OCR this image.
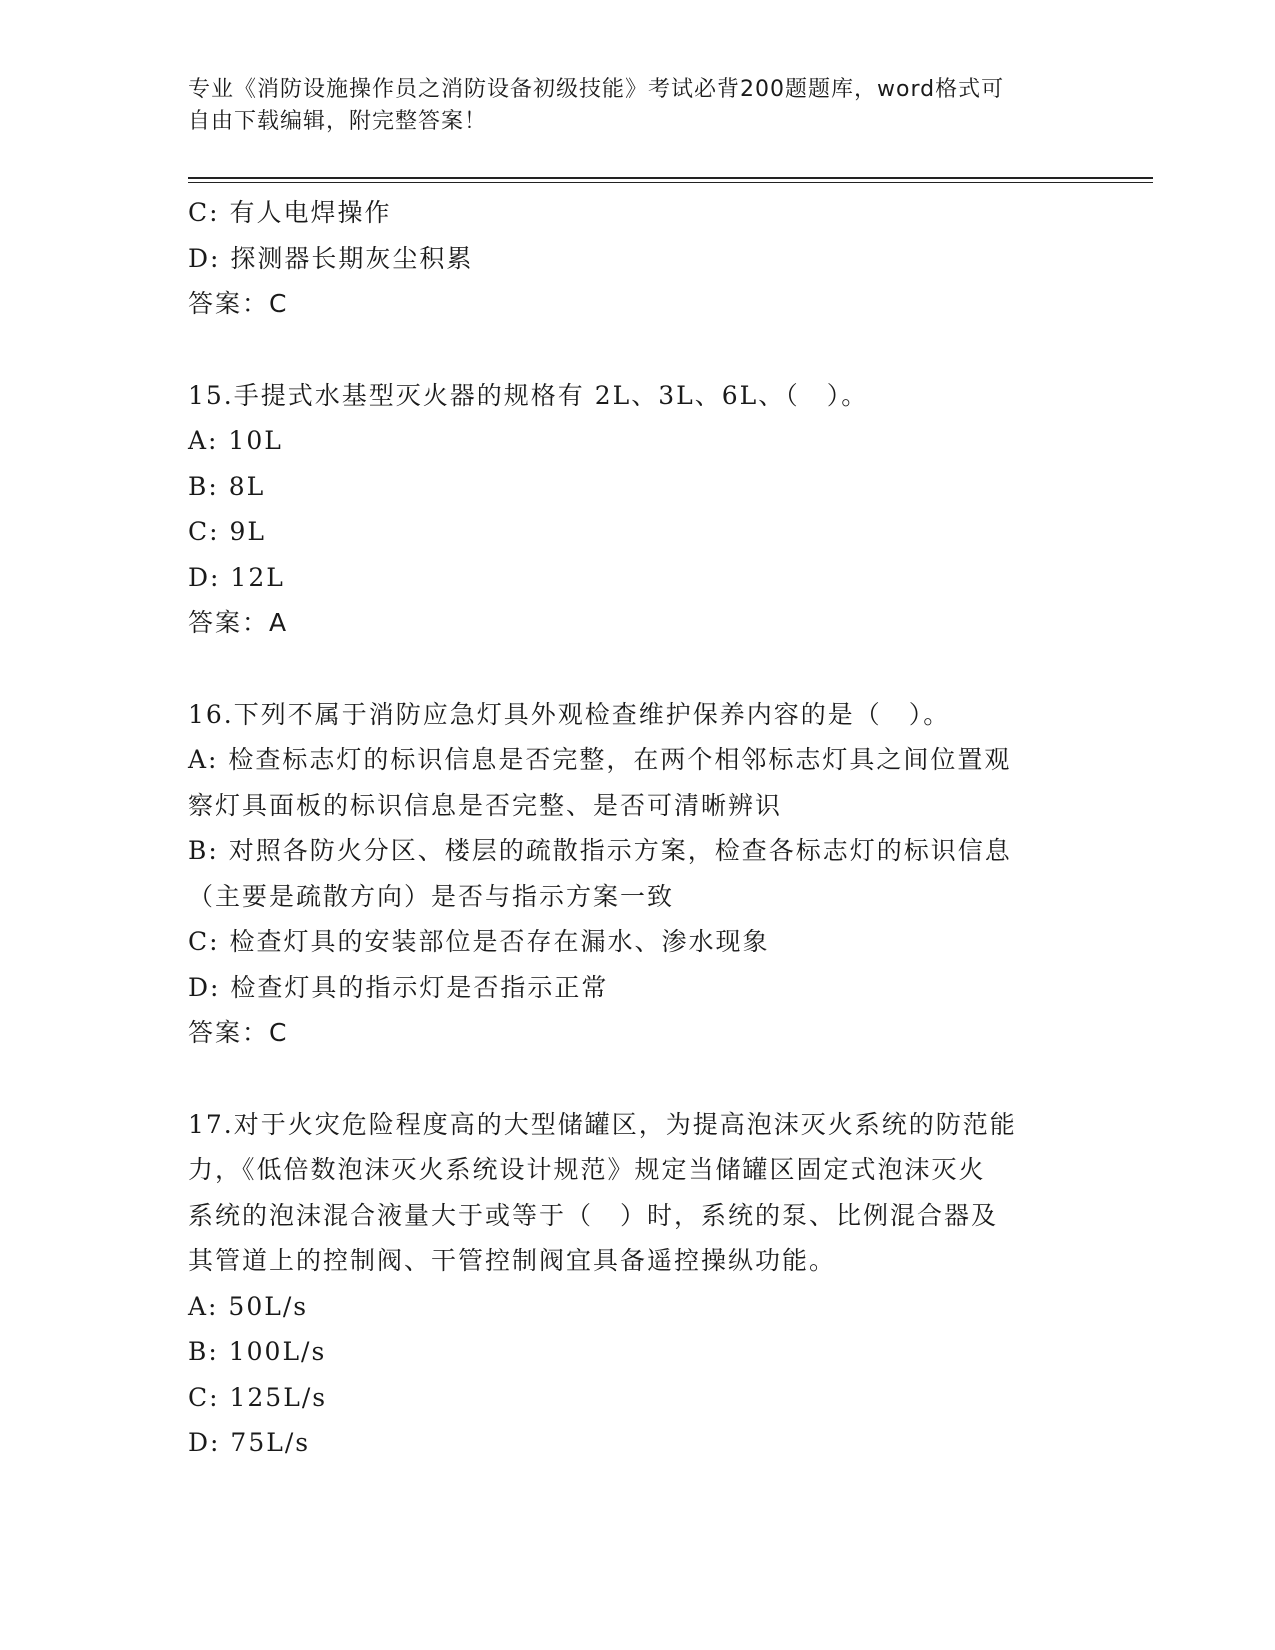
专业《消防设施操作员之消防设备初级技能》考试必背200题题库，word格式可
自由下载编辑，附完整答案！
C: 有人电焊操作
D: 探测器长期灰尘积累
答案：C
15.手提式水基型灭火器的规格有 2L、3L、6L、（　）。
A: 10L
B: 8L
C: 9L
D: 12L
答案：A
16.下列不属于消防应急灯具外观检查维护保养内容的是（　）。
A: 检查标志灯的标识信息是否完整，在两个相邻标志灯具之间位置观
察灯具面板的标识信息是否完整、是否可清晰辨识
B: 对照各防火分区、楼层的疏散指示方案，检查各标志灯的标识信息
（主要是疏散方向）是否与指示方案一致
C: 检查灯具的安装部位是否存在漏水、渗水现象
D: 检查灯具的指示灯是否指示正常
答案：C
17.对于火灾危险程度高的大型储罐区，为提高泡沫灭火系统的防范能
力，《低倍数泡沫灭火系统设计规范》规定当储罐区固定式泡沫灭火
系统的泡沫混合液量大于或等于（　）时，系统的泵、比例混合器及
其管道上的控制阀、干管控制阀宜具备遥控操纵功能。
A: 50L/s
B: 100L/s
C: 125L/s
D: 75L/s
